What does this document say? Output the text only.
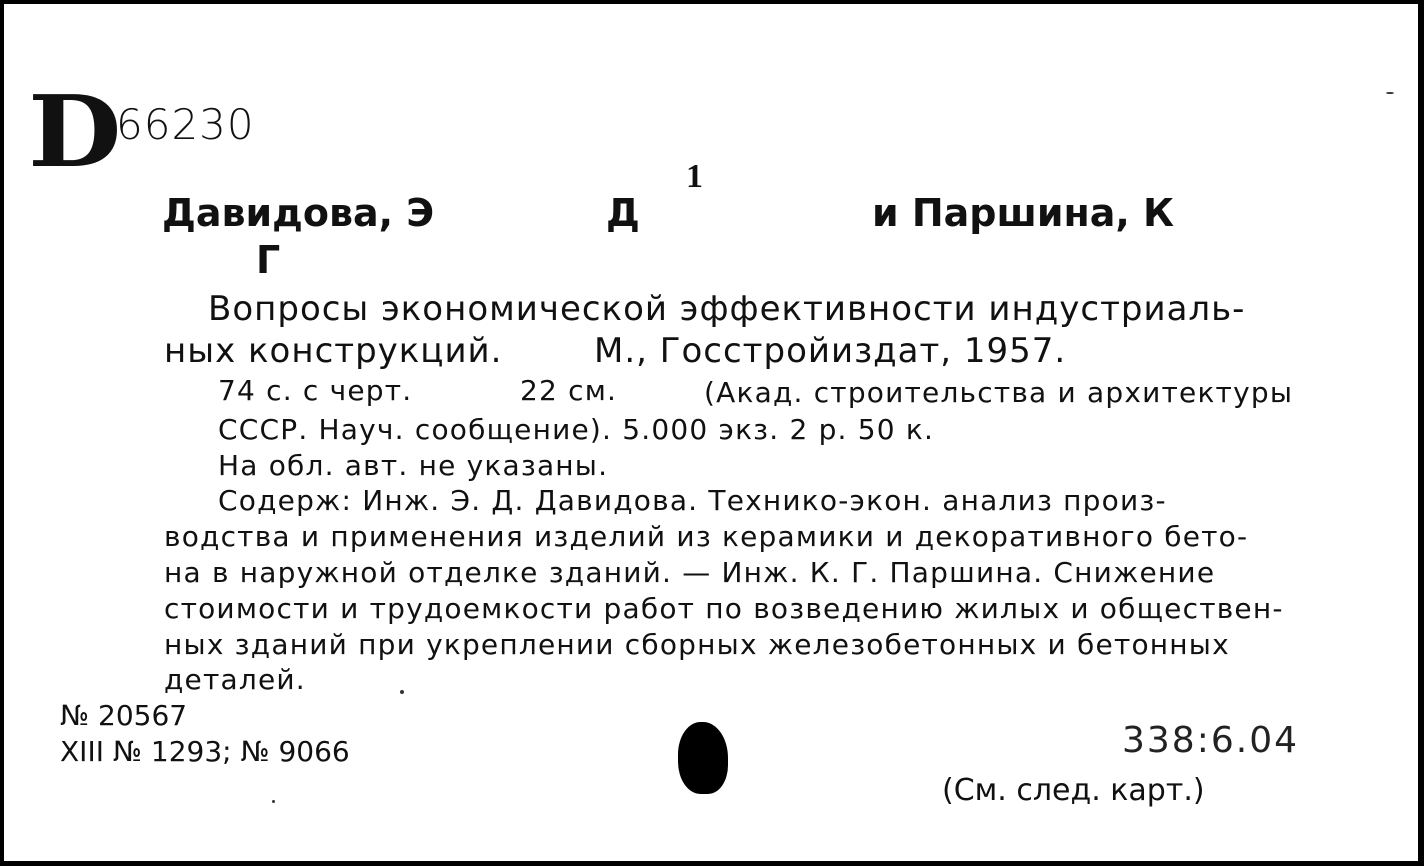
D
66230
1
Давидова, Э	Д	и Паршина, К
Г
Вопросы экономической эффективности индустриаль-
ных конструкций.	М., Госстройиздат, 1957.
74 с. с черт.	22 см.	(Акад. строительства и архитектуры
СССР. Науч. сообщение). 5.000 экз. 2 р. 50 к.
На обл. авт. не указаны.
Содерж: Инж. Э. Д. Давидова. Технико-экон. анализ произ-
водства и применения изделий из керамики и декоративного бето-
на в наружной отделке зданий. — Инж. К. Г. Паршина. Снижение
стоимости и трудоемкости работ по возведению жилых и обществен-
ных зданий при укреплении сборных железобетонных и бетонных
деталей.
№ 20567
XIII № 1293; № 9066	338:6.04
(См. след. карт.)
